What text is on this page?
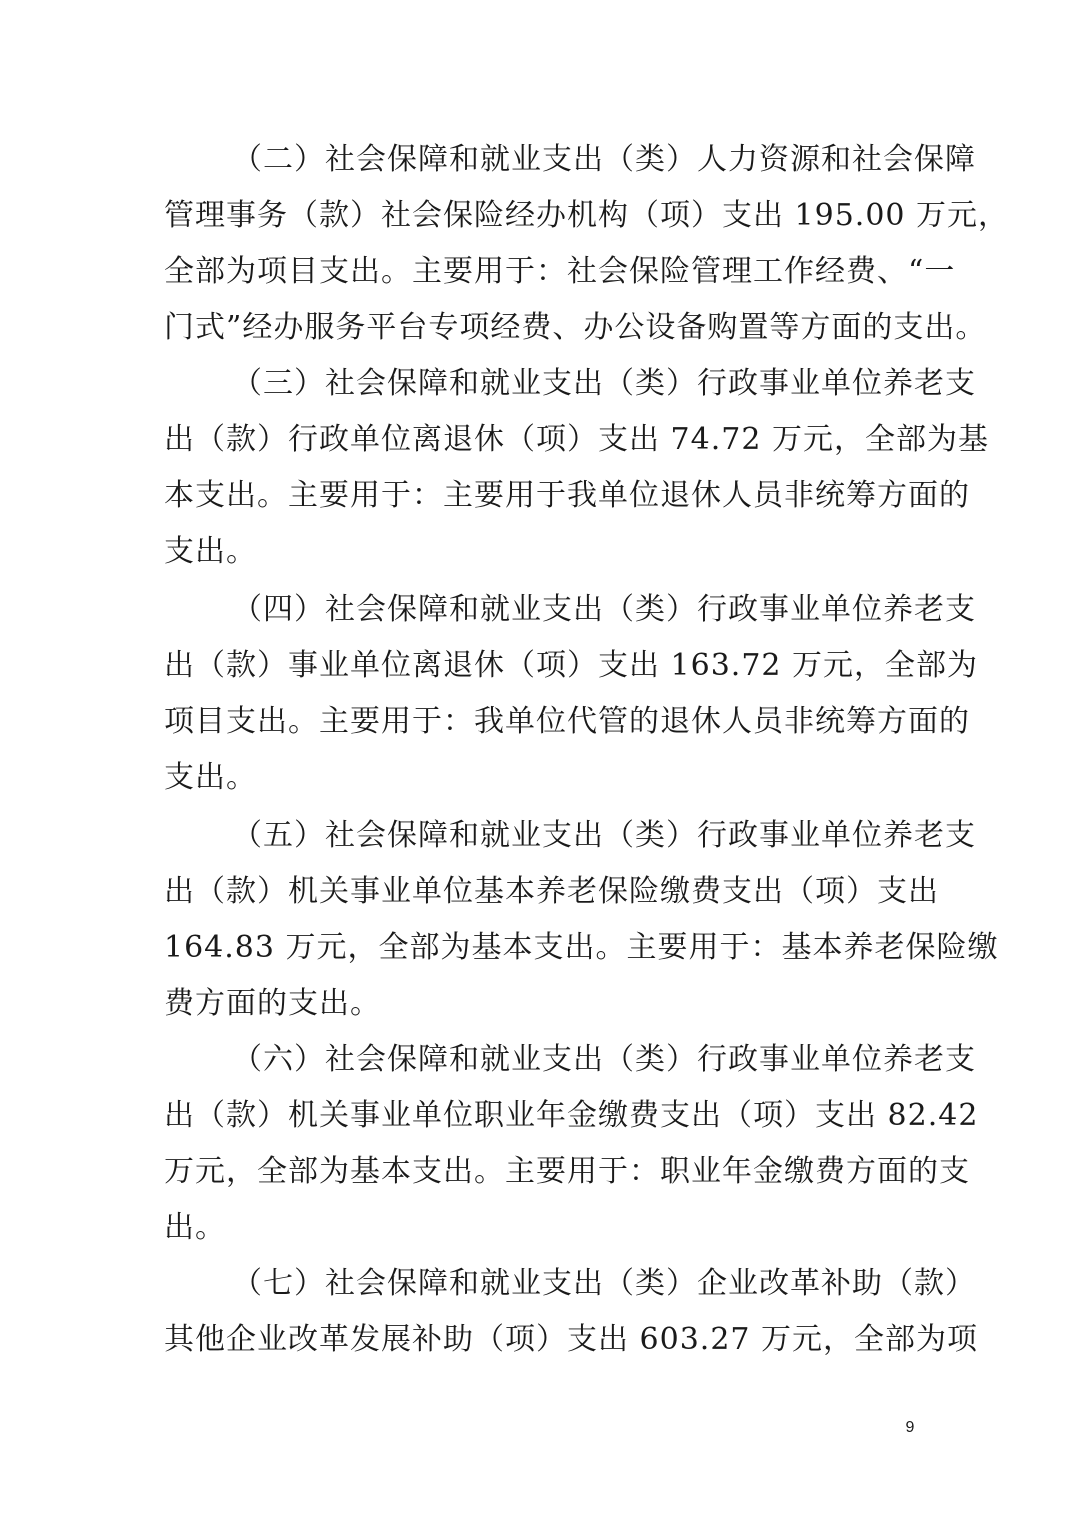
（二）社会保障和就业支出（类）人力资源和社会保障
管理事务（款）社会保险经办机构（项）支出 195.00 万元，
全部为项目支出。主要用于：社会保险管理工作经费、“一
门式”经办服务平台专项经费、办公设备购置等方面的支出。
（三）社会保障和就业支出（类）行政事业单位养老支
出（款）行政单位离退休（项）支出 74.72 万元，全部为基
本支出。主要用于：主要用于我单位退休人员非统筹方面的
支出。
（四）社会保障和就业支出（类）行政事业单位养老支
出（款）事业单位离退休（项）支出 163.72 万元，全部为
项目支出。主要用于：我单位代管的退休人员非统筹方面的
支出。
（五）社会保障和就业支出（类）行政事业单位养老支
出（款）机关事业单位基本养老保险缴费支出（项）支出
164.83 万元，全部为基本支出。主要用于：基本养老保险缴
费方面的支出。
（六）社会保障和就业支出（类）行政事业单位养老支
出（款）机关事业单位职业年金缴费支出（项）支出 82.42
万元，全部为基本支出。主要用于：职业年金缴费方面的支
出。
（七）社会保障和就业支出（类）企业改革补助（款）
其他企业改革发展补助（项）支出 603.27 万元，全部为项
9
